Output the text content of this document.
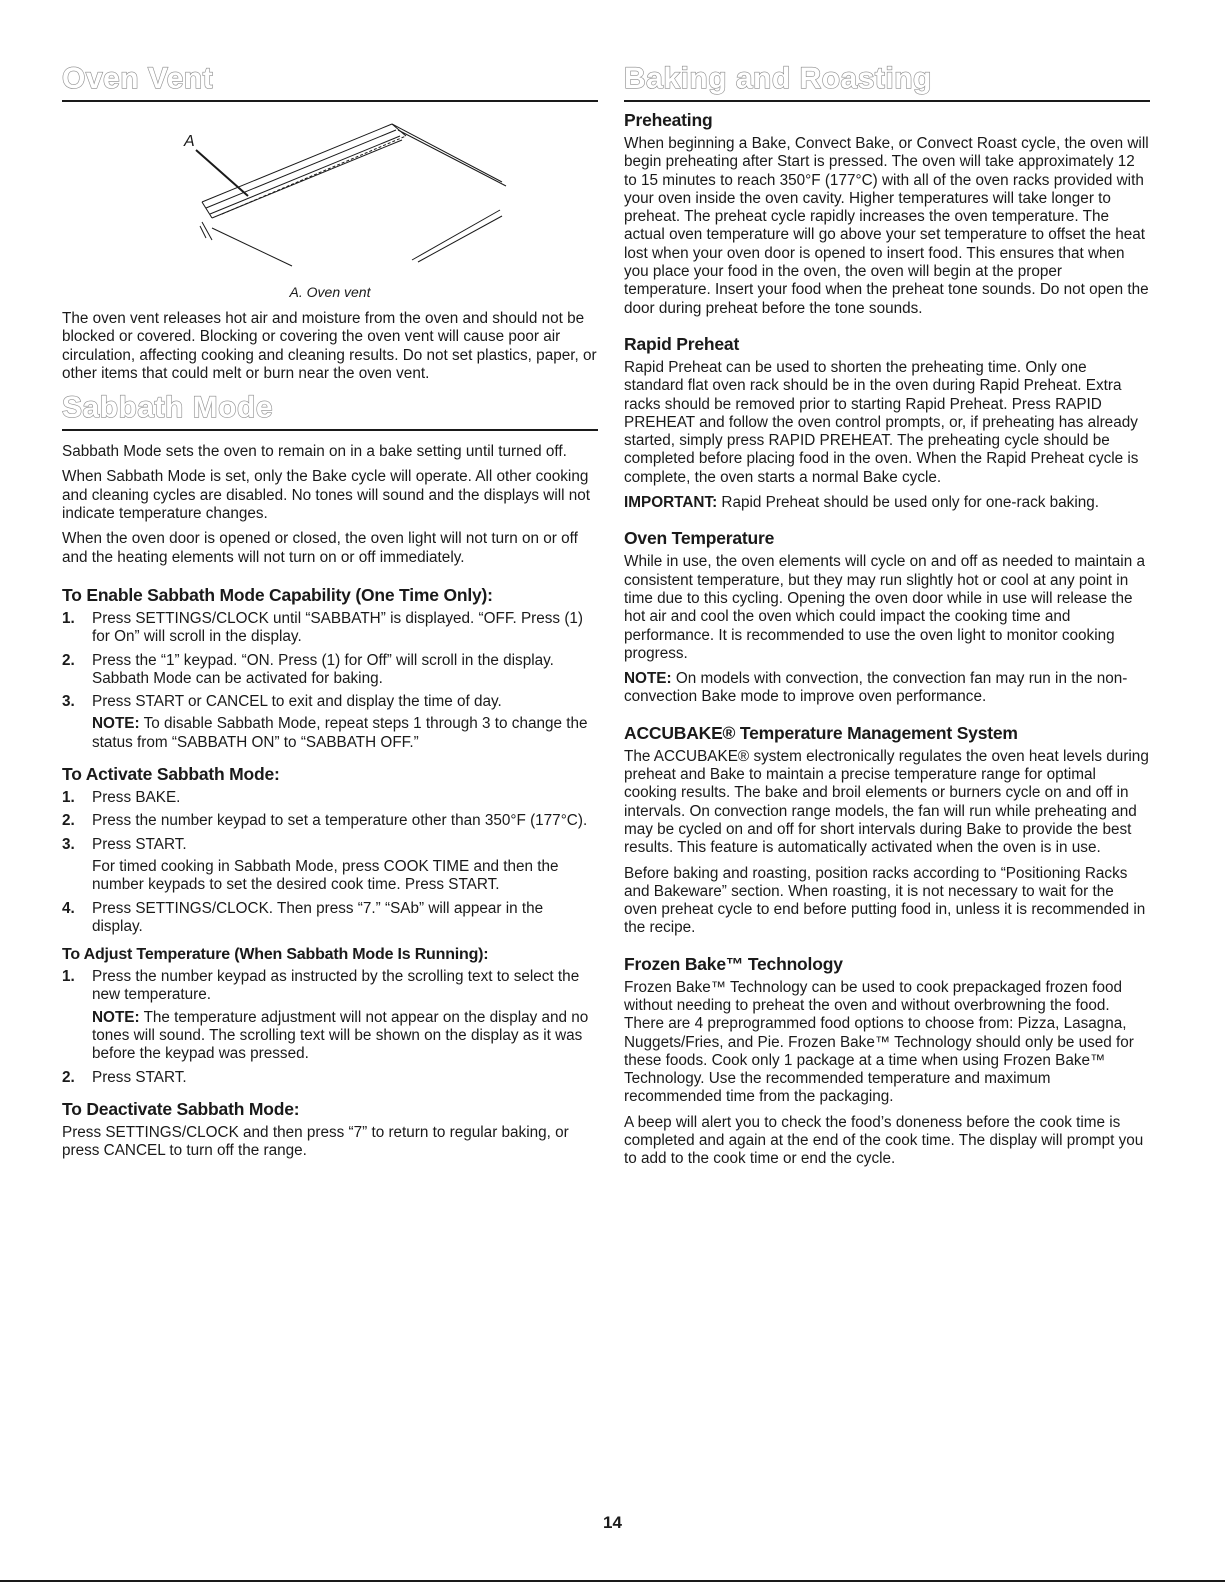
Oven Vent
A
A. Oven vent

The oven vent releases hot air and moisture from the oven and should not be blocked or covered. Blocking or covering the oven vent will cause poor air circulation, affecting cooking and cleaning results. Do not set plastics, paper, or other items that could melt or burn near the oven vent.

Sabbath Mode

Sabbath Mode sets the oven to remain on in a bake setting until turned off.

When Sabbath Mode is set, only the Bake cycle will operate. All other cooking and cleaning cycles are disabled. No tones will sound and the displays will not indicate temperature changes.

When the oven door is opened or closed, the oven light will not turn on or off and the heating elements will not turn on or off immediately.

To Enable Sabbath Mode Capability (One Time Only):
1. Press SETTINGS/CLOCK until “SABBATH” is displayed. “OFF. Press (1) for On” will scroll in the display.
2. Press the “1” keypad. “ON. Press (1) for Off” will scroll in the display. Sabbath Mode can be activated for baking.
3. Press START or CANCEL to exit and display the time of day.

NOTE: To disable Sabbath Mode, repeat steps 1 through 3 to change the status from “SABBATH ON” to “SABBATH OFF.”

To Activate Sabbath Mode:
1. Press BAKE.
2. Press the number keypad to set a temperature other than 350°F (177°C).
3. Press START.

For timed cooking in Sabbath Mode, press COOK TIME and then the number keypads to set the desired cook time. Press START.

4. Press SETTINGS/CLOCK. Then press “7.” “SAb” will appear in the display.
To Adjust Temperature (When Sabbath Mode Is Running):
1. Press the number keypad as instructed by the scrolling text to select the new temperature.

NOTE: The temperature adjustment will not appear on the display and no tones will sound. The scrolling text will be shown on the display as it was before the keypad was pressed.

2. Press START.
To Deactivate Sabbath Mode:

Press SETTINGS/CLOCK and then press “7” to return to regular baking, or press CANCEL to turn off the range.

Baking and Roasting
Preheating

When beginning a Bake, Convect Bake, or Convect Roast cycle, the oven will begin preheating after Start is pressed. The oven will take approximately 12 to 15 minutes to reach 350°F (177°C) with all of the oven racks provided with your oven inside the oven cavity. Higher temperatures will take longer to preheat. The preheat cycle rapidly increases the oven temperature. The actual oven temperature will go above your set temperature to offset the heat lost when your oven door is opened to insert food. This ensures that when you place your food in the oven, the oven will begin at the proper temperature. Insert your food when the preheat tone sounds. Do not open the door during preheat before the tone sounds.

Rapid Preheat

Rapid Preheat can be used to shorten the preheating time. Only one standard flat oven rack should be in the oven during Rapid Preheat. Extra racks should be removed prior to starting Rapid Preheat. Press RAPID PREHEAT and follow the oven control prompts, or, if preheating has already started, simply press RAPID PREHEAT. The preheating cycle should be completed before placing food in the oven. When the Rapid Preheat cycle is complete, the oven starts a normal Bake cycle.

IMPORTANT: Rapid Preheat should be used only for one-rack baking.

Oven Temperature

While in use, the oven elements will cycle on and off as needed to maintain a consistent temperature, but they may run slightly hot or cool at any point in time due to this cycling. Opening the oven door while in use will release the hot air and cool the oven which could impact the cooking time and performance. It is recommended to use the oven light to monitor cooking progress.

NOTE: On models with convection, the convection fan may run in the non-convection Bake mode to improve oven performance.

ACCUBAKE® Temperature Management System

The ACCUBAKE® system electronically regulates the oven heat levels during preheat and Bake to maintain a precise temperature range for optimal cooking results. The bake and broil elements or burners cycle on and off in intervals. On convection range models, the fan will run while preheating and may be cycled on and off for short intervals during Bake to provide the best results. This feature is automatically activated when the oven is in use.

Before baking and roasting, position racks according to “Positioning Racks and Bakeware” section. When roasting, it is not necessary to wait for the oven preheat cycle to end before putting food in, unless it is recommended in the recipe.

Frozen Bake™ Technology

Frozen Bake™ Technology can be used to cook prepackaged frozen food without needing to preheat the oven and without overbrowning the food. There are 4 preprogrammed food options to choose from: Pizza, Lasagna, Nuggets/Fries, and Pie. Frozen Bake™ Technology should only be used for these foods. Cook only 1 package at a time when using Frozen Bake™ Technology. Use the recommended temperature and maximum recommended time from the packaging.

A beep will alert you to check the food’s doneness before the cook time is completed and again at the end of the cook time. The display will prompt you to add to the cook time or end the cycle.

14
